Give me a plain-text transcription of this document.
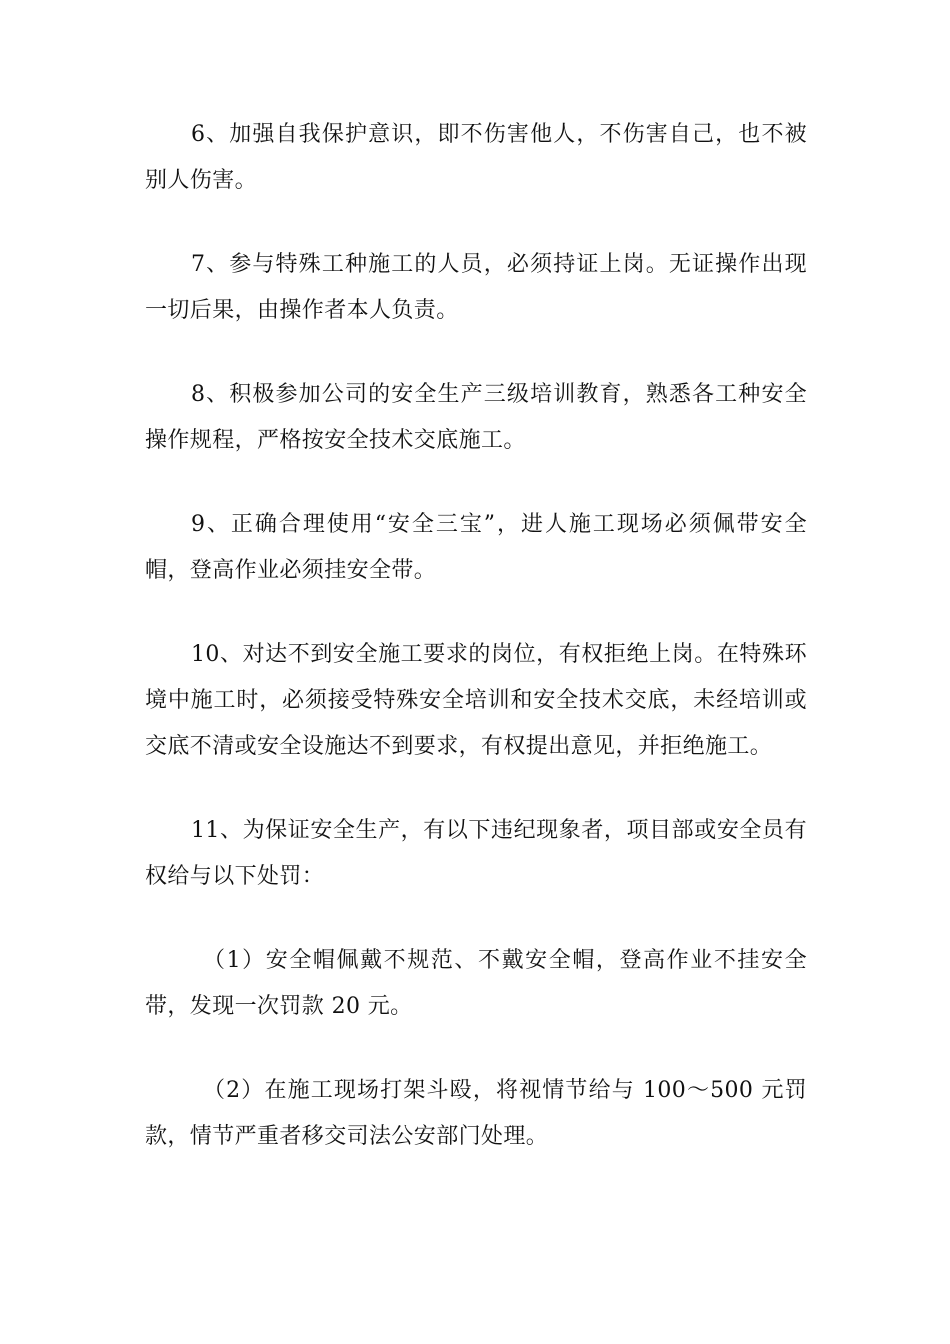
6、加强自我保护意识，即不伤害他人，不伤害自己，也不被别人伤害。

7、参与特殊工种施工的人员，必须持证上岗。无证操作出现一切后果，由操作者本人负责。

8、积极参加公司的安全生产三级培训教育，熟悉各工种安全操作规程，严格按安全技术交底施工。

9、正确合理使用“安全三宝”，进人施工现场必须佩带安全帽，登高作业必须挂安全带。

10、对达不到安全施工要求的岗位，有权拒绝上岗。在特殊环境中施工时，必须接受特殊安全培训和安全技术交底，未经培训或交底不清或安全设施达不到要求，有权提出意见，并拒绝施工。

11、为保证安全生产，有以下违纪现象者，项目部或安全员有权给与以下处罚：

（1）安全帽佩戴不规范、不戴安全帽，登高作业不挂安全带，发现一次罚款 20 元。

（2）在施工现场打架斗殴，将视情节给与 100～500 元罚款，情节严重者移交司法公安部门处理。
